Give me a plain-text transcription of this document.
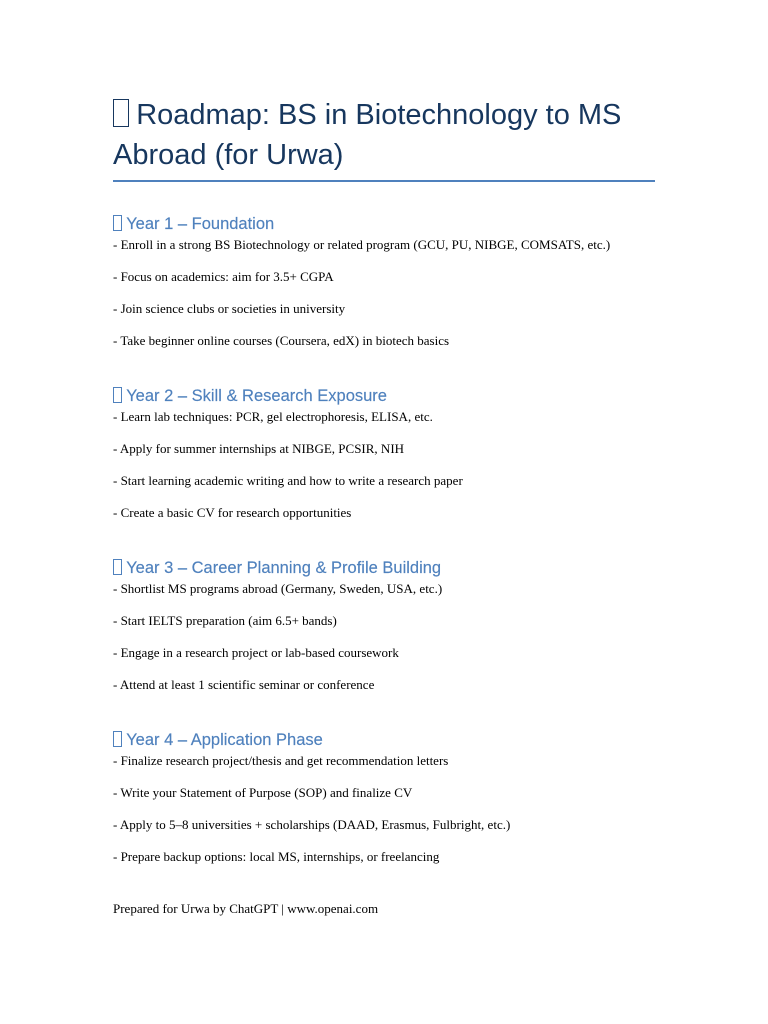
Roadmap: BS in Biotechnology to MS Abroad (for Urwa)
Year 1 – Foundation
- Enroll in a strong BS Biotechnology or related program (GCU, PU, NIBGE, COMSATS, etc.)
- Focus on academics: aim for 3.5+ CGPA
- Join science clubs or societies in university
- Take beginner online courses (Coursera, edX) in biotech basics
Year 2 – Skill & Research Exposure
- Learn lab techniques: PCR, gel electrophoresis, ELISA, etc.
- Apply for summer internships at NIBGE, PCSIR, NIH
- Start learning academic writing and how to write a research paper
- Create a basic CV for research opportunities
Year 3 – Career Planning & Profile Building
- Shortlist MS programs abroad (Germany, Sweden, USA, etc.)
- Start IELTS preparation (aim 6.5+ bands)
- Engage in a research project or lab-based coursework
- Attend at least 1 scientific seminar or conference
Year 4 – Application Phase
- Finalize research project/thesis and get recommendation letters
- Write your Statement of Purpose (SOP) and finalize CV
- Apply to 5–8 universities + scholarships (DAAD, Erasmus, Fulbright, etc.)
- Prepare backup options: local MS, internships, or freelancing
Prepared for Urwa by ChatGPT | www.openai.com
